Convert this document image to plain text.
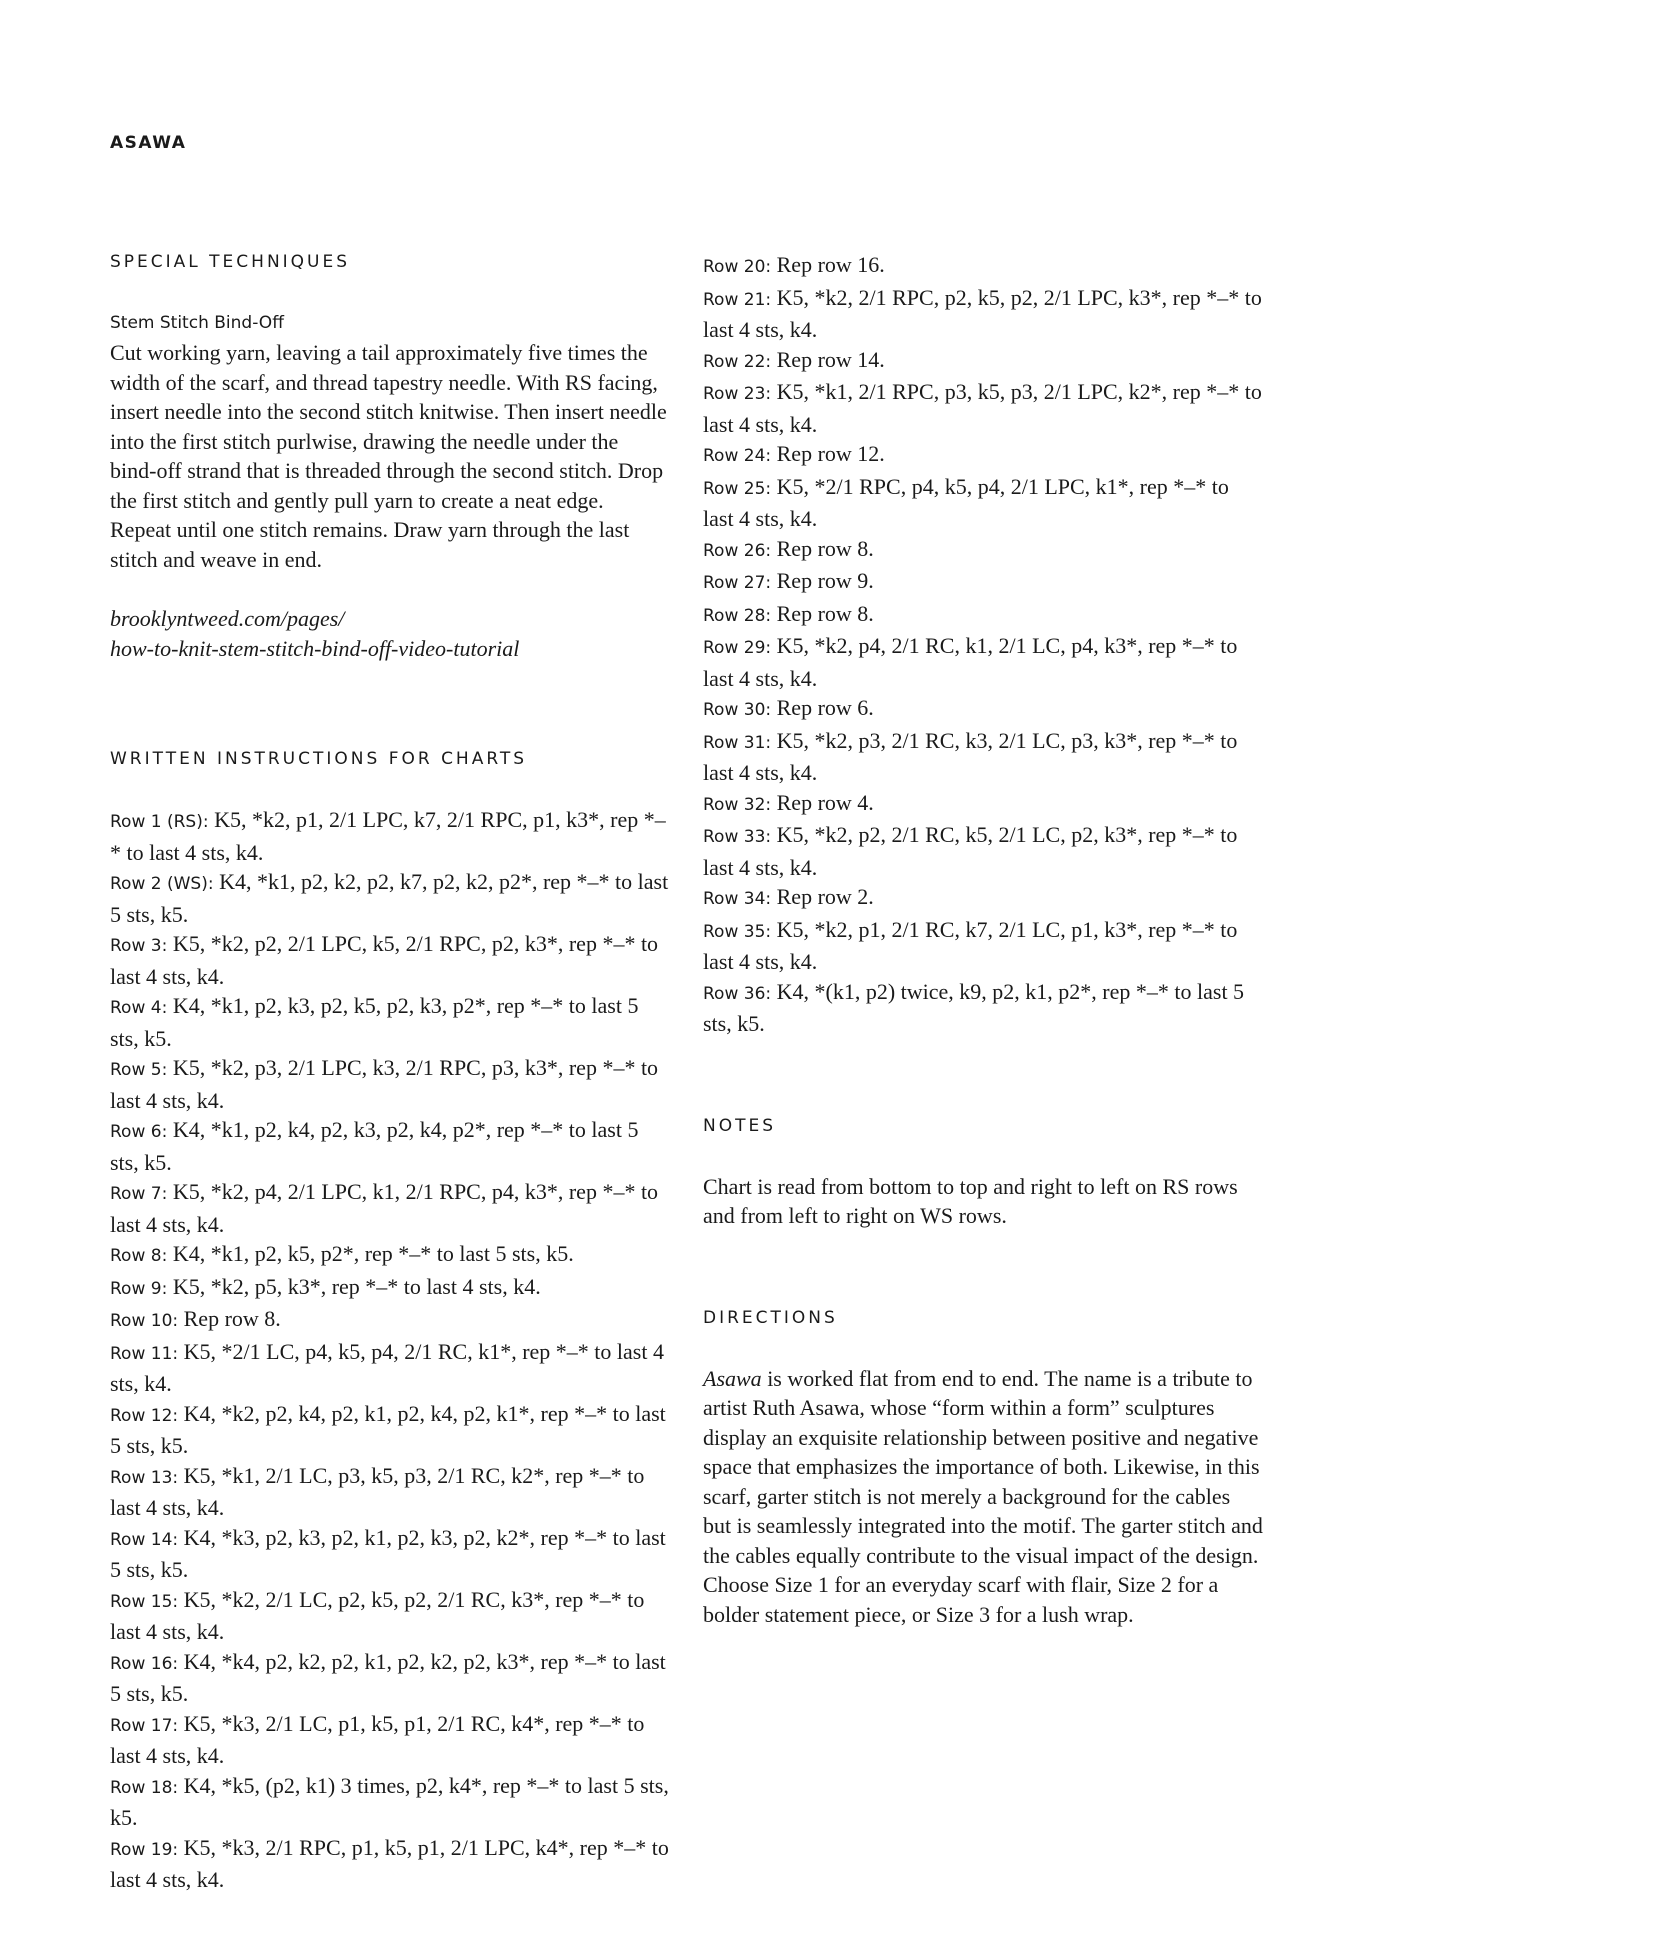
ASAWA
SPECIAL TECHNIQUES
Stem Stitch Bind-Off

Cut working yarn, leaving a tail approximately five times the width of the scarf, and thread tapestry needle. With RS facing, insert needle into the second stitch knitwise. Then insert needle into the first stitch purlwise, drawing the needle under the bind-off strand that is threaded through the second stitch. Drop the first stitch and gently pull yarn to create a neat edge. Repeat until one stitch remains. Draw yarn through the last stitch and weave in end.

brooklyntweed.com/pages/
how-to-knit-stem-stitch-bind-off-video-tutorial

WRITTEN INSTRUCTIONS FOR CHARTS

Row 1 (RS): K5, *k2, p1, 2/1 LPC, k7, 2/1 RPC, p1, k3*, rep *–* to last 4 sts, k4.

Row 2 (WS): K4, *k1, p2, k2, p2, k7, p2, k2, p2*, rep *–* to last 5 sts, k5.

Row 3: K5, *k2, p2, 2/1 LPC, k5, 2/1 RPC, p2, k3*, rep *–* to last 4 sts, k4.

Row 4: K4, *k1, p2, k3, p2, k5, p2, k3, p2*, rep *–* to last 5 sts, k5.

Row 5: K5, *k2, p3, 2/1 LPC, k3, 2/1 RPC, p3, k3*, rep *–* to last 4 sts, k4.

Row 6: K4, *k1, p2, k4, p2, k3, p2, k4, p2*, rep *–* to last 5 sts, k5.

Row 7: K5, *k2, p4, 2/1 LPC, k1, 2/1 RPC, p4, k3*, rep *–* to last 4 sts, k4.

Row 8: K4, *k1, p2, k5, p2*, rep *–* to last 5 sts, k5.

Row 9: K5, *k2, p5, k3*, rep *–* to last 4 sts, k4.

Row 10: Rep row 8.

Row 11: K5, *2/1 LC, p4, k5, p4, 2/1 RC, k1*, rep *–* to last 4 sts, k4.

Row 12: K4, *k2, p2, k4, p2, k1, p2, k4, p2, k1*, rep *–* to last 5 sts, k5.

Row 13: K5, *k1, 2/1 LC, p3, k5, p3, 2/1 RC, k2*, rep *–* to last 4 sts, k4.

Row 14: K4, *k3, p2, k3, p2, k1, p2, k3, p2, k2*, rep *–* to last 5 sts, k5.

Row 15: K5, *k2, 2/1 LC, p2, k5, p2, 2/1 RC, k3*, rep *–* to last 4 sts, k4.

Row 16: K4, *k4, p2, k2, p2, k1, p2, k2, p2, k3*, rep *–* to last 5 sts, k5.

Row 17: K5, *k3, 2/1 LC, p1, k5, p1, 2/1 RC, k4*, rep *–* to last 4 sts, k4.

Row 18: K4, *k5, (p2, k1) 3 times, p2, k4*, rep *–* to last 5 sts, k5.

Row 19: K5, *k3, 2/1 RPC, p1, k5, p1, 2/1 LPC, k4*, rep *–* to last 4 sts, k4.

Row 20: Rep row 16.

Row 21: K5, *k2, 2/1 RPC, p2, k5, p2, 2/1 LPC, k3*, rep *–* to last 4 sts, k4.

Row 22: Rep row 14.

Row 23: K5, *k1, 2/1 RPC, p3, k5, p3, 2/1 LPC, k2*, rep *–* to last 4 sts, k4.

Row 24: Rep row 12.

Row 25: K5, *2/1 RPC, p4, k5, p4, 2/1 LPC, k1*, rep *–* to last 4 sts, k4.

Row 26: Rep row 8.

Row 27: Rep row 9.

Row 28: Rep row 8.

Row 29: K5, *k2, p4, 2/1 RC, k1, 2/1 LC, p4, k3*, rep *–* to last 4 sts, k4.

Row 30: Rep row 6.

Row 31: K5, *k2, p3, 2/1 RC, k3, 2/1 LC, p3, k3*, rep *–* to last 4 sts, k4.

Row 32: Rep row 4.

Row 33: K5, *k2, p2, 2/1 RC, k5, 2/1 LC, p2, k3*, rep *–* to last 4 sts, k4.

Row 34: Rep row 2.

Row 35: K5, *k2, p1, 2/1 RC, k7, 2/1 LC, p1, k3*, rep *–* to last 4 sts, k4.

Row 36: K4, *(k1, p2) twice, k9, p2, k1, p2*, rep *–* to last 5 sts, k5.

NOTES

Chart is read from bottom to top and right to left on RS rows and from left to right on WS rows.

DIRECTIONS

Asawa is worked flat from end to end. The name is a tribute to artist Ruth Asawa, whose “form within a form” sculptures display an exquisite relationship between positive and negative space that emphasizes the importance of both. Likewise, in this scarf, garter stitch is not merely a background for the cables but is seamlessly integrated into the motif. The garter stitch and the cables equally contribute to the visual impact of the design. Choose Size 1 for an everyday scarf with flair, Size 2 for a bolder statement piece, or Size 3 for a lush wrap.
